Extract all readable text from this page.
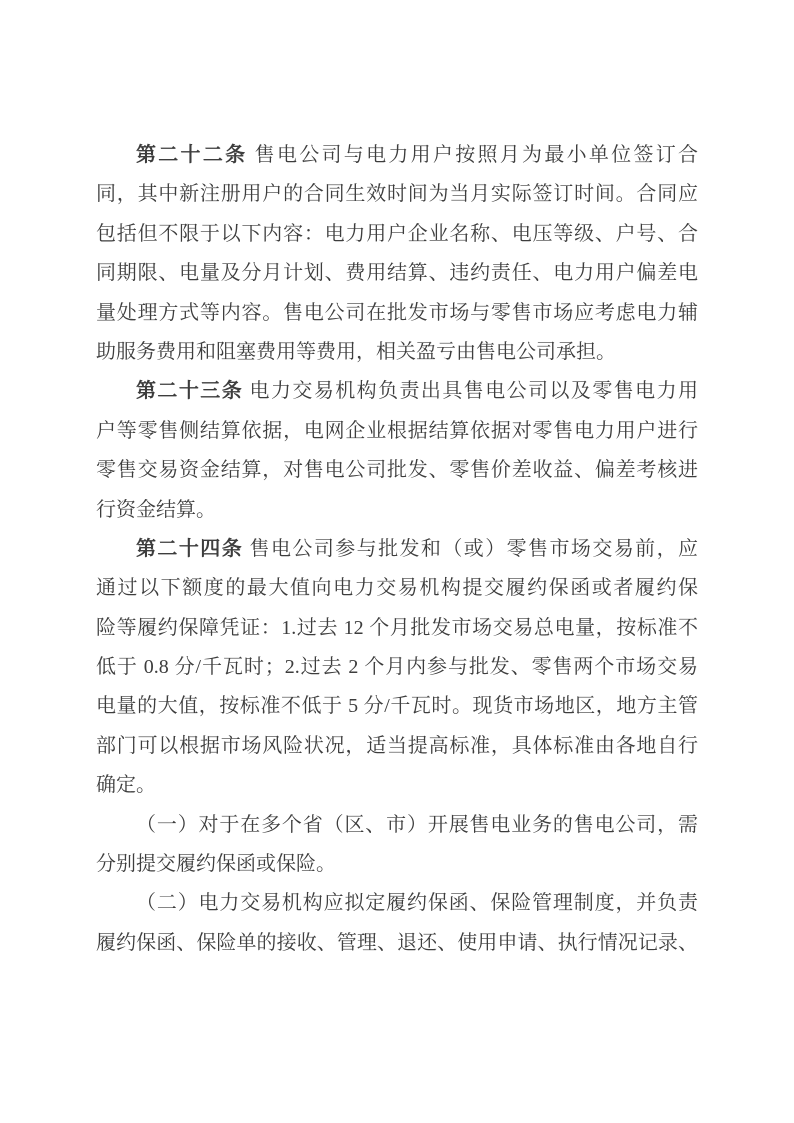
第二十二条 售电公司与电力用户按照月为最小单位签订合
同，其中新注册用户的合同生效时间为当月实际签订时间。合同应
包括但不限于以下内容：电力用户企业名称、电压等级、户号、合
同期限、电量及分月计划、费用结算、违约责任、电力用户偏差电
量处理方式等内容。售电公司在批发市场与零售市场应考虑电力辅
助服务费用和阻塞费用等费用，相关盈亏由售电公司承担。
第二十三条 电力交易机构负责出具售电公司以及零售电力用
户等零售侧结算依据，电网企业根据结算依据对零售电力用户进行
零售交易资金结算，对售电公司批发、零售价差收益、偏差考核进
行资金结算。
第二十四条 售电公司参与批发和（或）零售市场交易前，应
通过以下额度的最大值向电力交易机构提交履约保函或者履约保
险等履约保障凭证：1.过去 12 个月批发市场交易总电量，按标准不
低于 0.8 分/千瓦时；2.过去 2 个月内参与批发、零售两个市场交易
电量的大值，按标准不低于 5 分/千瓦时。现货市场地区，地方主管
部门可以根据市场风险状况，适当提高标准，具体标准由各地自行
确定。
（一）对于在多个省（区、市）开展售电业务的售电公司，需
分别提交履约保函或保险。
（二）电力交易机构应拟定履约保函、保险管理制度，并负责
履约保函、保险单的接收、管理、退还、使用申请、执行情况记录、
